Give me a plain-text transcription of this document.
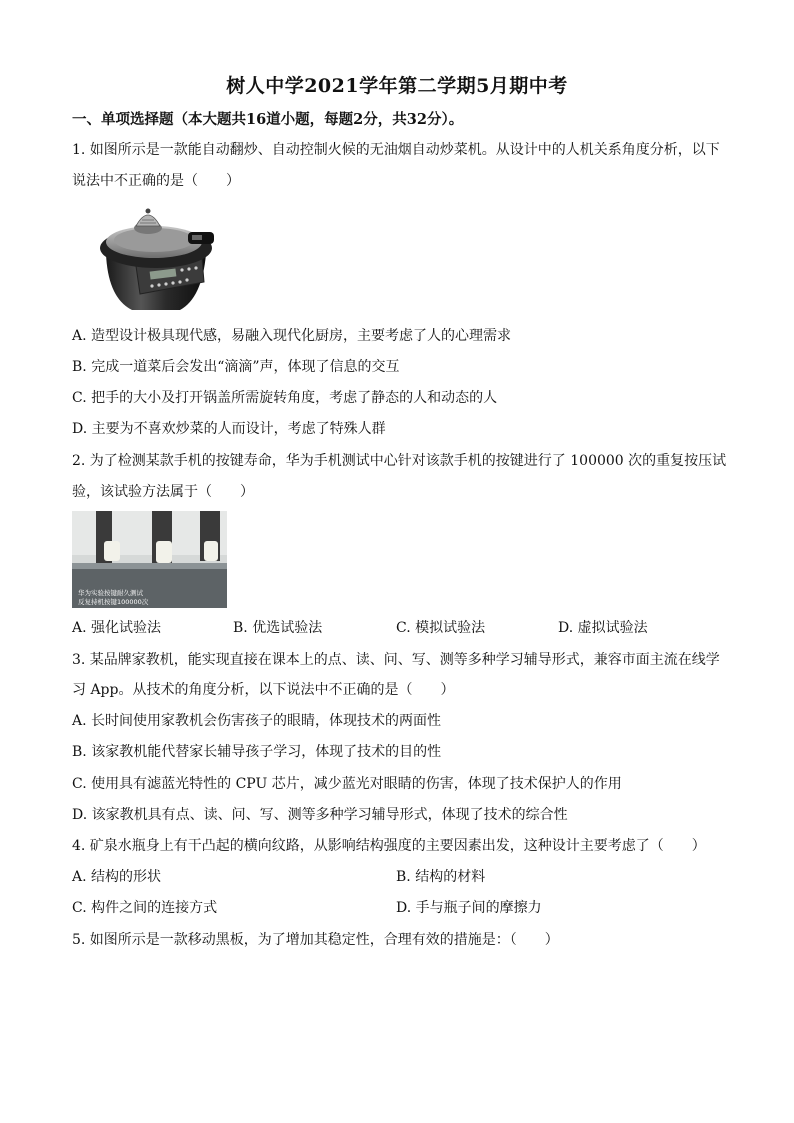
树人中学2021学年第二学期5月期中考
一、单项选择题（本大题共16道小题，每题2分，共32分）。
1. 如图所示是一款能自动翻炒、自动控制火候的无油烟自动炒菜机。从设计中的人机关系角度分析，以下
说法中不正确的是（　　）
A. 造型设计极具现代感，易融入现代化厨房，主要考虑了人的心理需求
B. 完成一道菜后会发出“滴滴”声，体现了信息的交互
C. 把手的大小及打开锅盖所需旋转角度，考虑了静态的人和动态的人
D. 主要为不喜欢炒菜的人而设计，考虑了特殊人群
2. 为了检测某款手机的按键寿命，华为手机测试中心针对该款手机的按键进行了 100000 次的重复按压试
验，该试验方法属于（　　）
华为实验按键耐久测试
反复持机按键100000次
A. 强化试验法	B. 优选试验法	C. 模拟试验法	D. 虚拟试验法
3. 某品牌家教机，能实现直接在课本上的点、读、问、写、测等多种学习辅导形式，兼容市面主流在线学
习 App。从技术的角度分析，以下说法中不正确的是（　　）
A. 长时间使用家教机会伤害孩子的眼睛，体现技术的两面性
B. 该家教机能代替家长辅导孩子学习，体现了技术的目的性
C. 使用具有滤蓝光特性的 CPU 芯片，减少蓝光对眼睛的伤害，体现了技术保护人的作用
D. 该家教机具有点、读、问、写、测等多种学习辅导形式，体现了技术的综合性
4. 矿泉水瓶身上有干凸起的横向纹路，从影响结构强度的主要因素出发，这种设计主要考虑了（　　）
A. 结构的形状	B. 结构的材料
C. 构件之间的连接方式	D. 手与瓶子间的摩擦力
5. 如图所示是一款移动黑板，为了增加其稳定性，合理有效的措施是：（　　）
